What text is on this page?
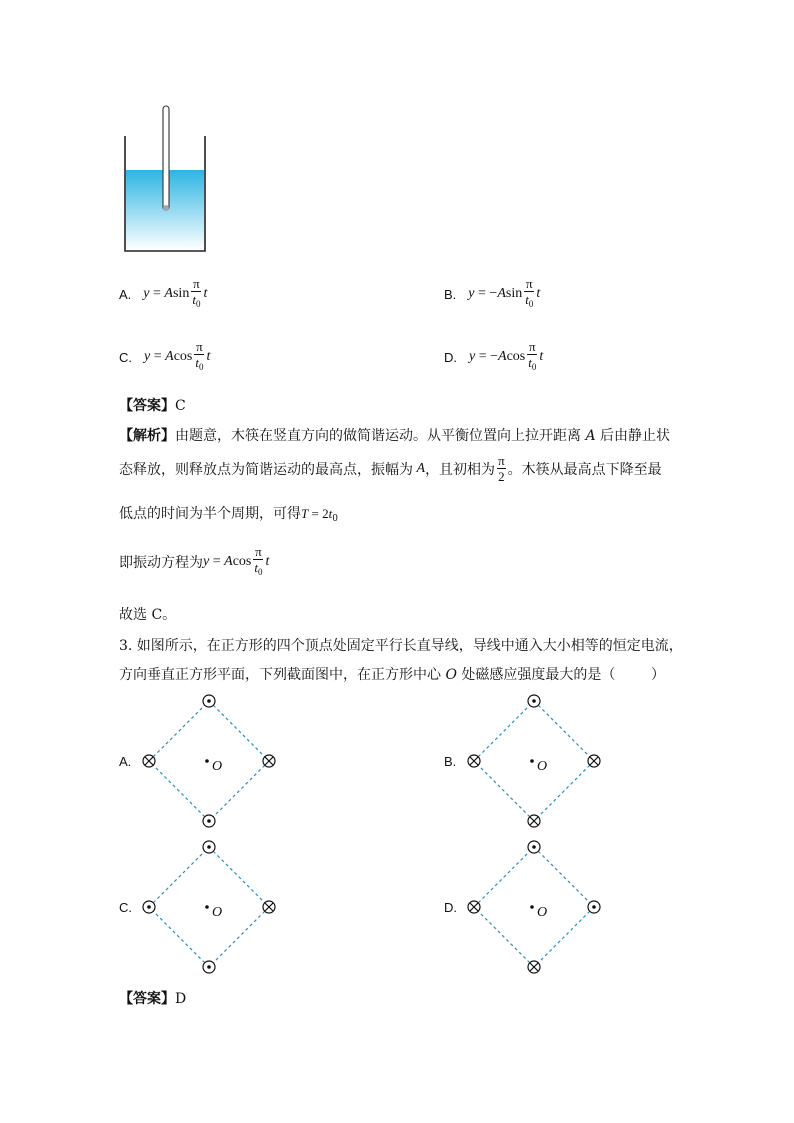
A. y = A $\sin \frac{\pi}{t_0}$ t	B. y = − A $\sin \frac{\pi}{t_0}$ t
C. y = A $\cos \frac{\pi}{t_0}$ t	D. y = − A $\cos \frac{\pi}{t_0}$ t
【答案】C
【解析】由题意，木筷在竖直方向的做简谐运动。从平衡位置向上拉开距离 A 后由静止状
态释放，则释放点为简谐运动的最高点，振幅为 A ，且初相为 $\frac{\pi}{2}$ 。木筷从最高点下降至最
低点的时间为半个周期，可得$T = 2t_0$
即振动方程为 y = A $\cos \frac{\pi}{t_0}$ t
故选 C。
3. 如图所示，在正方形的四个顶点处固定平行长直导线，导线中通入大小相等的恒定电流，
方向垂直正方形平面，下列截面图中，在正方形中心 O 处磁感应强度最大的是（        ）
A.	O	B.	O
C.	O	D.	O
【答案】D
